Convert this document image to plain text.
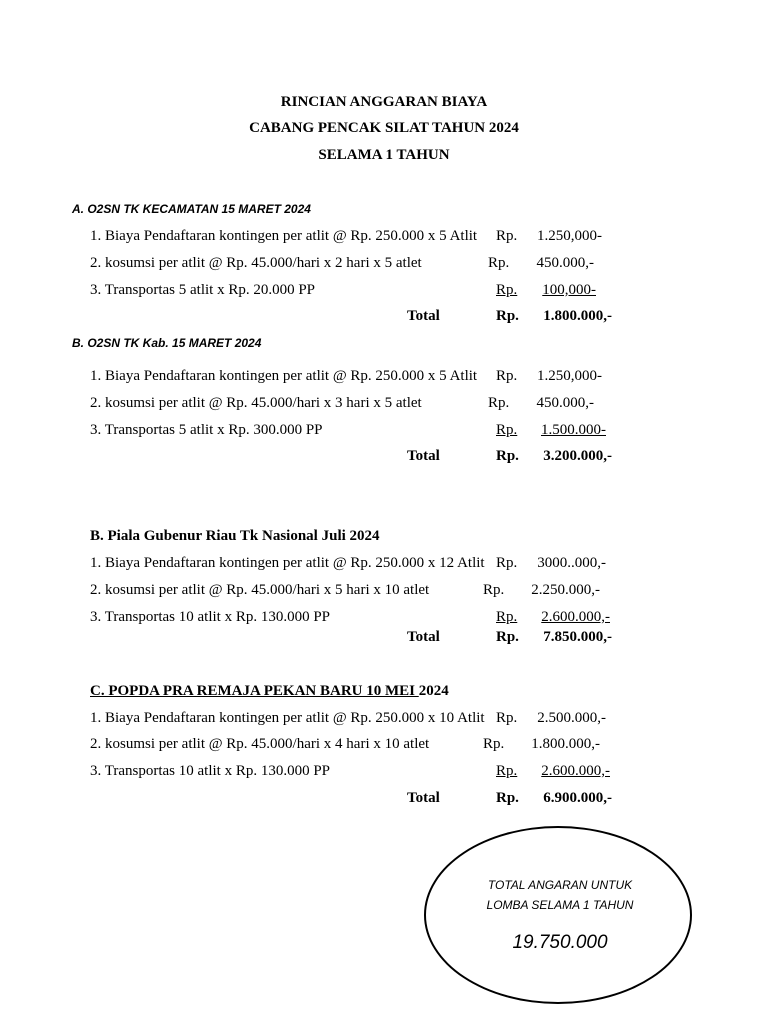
RINCIAN ANGGARAN BIAYA
CABANG PENCAK SILAT TAHUN 2024
SELAMA 1 TAHUN
A. O2SN TK KECAMATAN 15 MARET 2024
1. Biaya Pendaftaran kontingen per atlit @ Rp. 250.000 x 5 Atlit Rp. 1.250,000-
2. kosumsi per atlit @ Rp. 45.000/hari x 2 hari x 5 atlet	Rp. 450.000,-
3. Transportas 5 atlit x Rp. 20.000 PP	Rp.	100,000-
Total	Rp. 1.800.000,-
B. O2SN TK Kab. 15 MARET 2024
1. Biaya Pendaftaran kontingen per atlit @ Rp. 250.000 x 5 Atlit Rp. 1.250,000-
2. kosumsi per atlit @ Rp. 45.000/hari x 3 hari x 5 atlet	Rp. 450.000,-
3. Transportas 5 atlit x Rp. 300.000 PP	Rp.	1.500.000-
Total	Rp. 3.200.000,-
B. Piala Gubenur Riau Tk Nasional Juli 2024
1. Biaya Pendaftaran kontingen per atlit @ Rp. 250.000 x 12 Atlit Rp. 3000..000,-
2. kosumsi per atlit @ Rp. 45.000/hari x 5 hari x 10 atlet	Rp. 2.250.000,-
3. Transportas 10 atlit x Rp. 130.000 PP	Rp.	2.600.000,-
Total	Rp. 7.850.000,-
C. POPDA PRA REMAJA PEKAN BARU 10 MEI 2024
1. Biaya Pendaftaran kontingen per atlit @ Rp. 250.000 x 10 Atlit Rp. 2.500.000,-
2. kosumsi per atlit @ Rp. 45.000/hari x 4 hari x 10 atlet	Rp. 1.800.000,-
3. Transportas 10 atlit x Rp. 130.000 PP	Rp.	2.600.000,-
Total	Rp. 6.900.000,-
TOTAL ANGARAN UNTUK
LOMBA SELAMA 1 TAHUN
19.750.000
